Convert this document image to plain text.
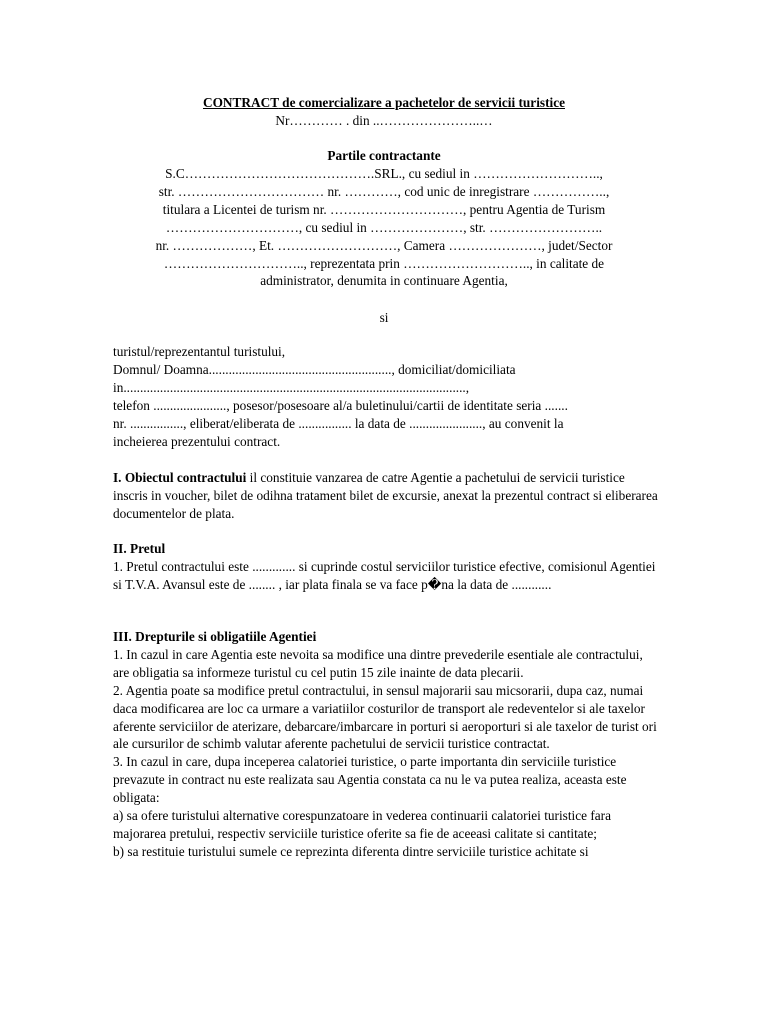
CONTRACT de comercializare a pachetelor de servicii turistice
Nr………… . din ..…………………..…
Partile contractante
S.C…………………………………….SRL., cu sediul in ………………………..,
str. …………………………… nr. …………, cod unic de inregistrare ……………..,
titulara a Licentei de turism nr. …………………………, pentru Agentia de Turism
…………………………, cu sediul in …………………, str. ……………………..
nr. ………………, Et. ………………………, Camera …………………, judet/Sector
………………………….., reprezentata prin ……………………….., in calitate de
administrator, denumita in continuare Agentia,
si
turistul/reprezentantul turistului,
Domnul/ Doamna......................................................., domiciliat/domiciliata
in.......................................................................................................,
telefon ......................, posesor/posesoare al/a buletinului/cartii de identitate seria .......
nr. ................, eliberat/eliberata de ................ la data de ......................, au convenit la
incheierea prezentului contract.
I. Obiectul contractului il constituie vanzarea de catre Agentie a pachetului de servicii turistice inscris in voucher, bilet de odihna tratament bilet de excursie, anexat la prezentul contract si eliberarea documentelor de plata.
II. Pretul
1. Pretul contractului este ............. si cuprinde costul serviciilor turistice efective, comisionul Agentiei si T.V.A. Avansul este de ........ , iar plata finala se va face p�na la data de ............
III. Drepturile si obligatiile Agentiei
1. In cazul in care Agentia este nevoita sa modifice una dintre prevederile esentiale ale contractului, are obligatia sa informeze turistul cu cel putin 15 zile inainte de data plecarii.
2. Agentia poate sa modifice pretul contractului, in sensul majorarii sau micsorarii, dupa caz, numai daca modificarea are loc ca urmare a variatiilor costurilor de transport ale redeventelor si ale taxelor aferente serviciilor de aterizare, debarcare/imbarcare in porturi si aeroporturi si ale taxelor de turist ori ale cursurilor de schimb valutar aferente pachetului de servicii turistice contractat.
3. In cazul in care, dupa inceperea calatoriei turistice, o parte importanta din serviciile turistice prevazute in contract nu este realizata sau Agentia constata ca nu le va putea realiza, aceasta este obligata:
a) sa ofere turistului alternative corespunzatoare in vederea continuarii calatoriei turistice fara majorarea pretului, respectiv serviciile turistice oferite sa fie de aceeasi calitate si cantitate;
b) sa restituie turistului sumele ce reprezinta diferenta dintre serviciile turistice achitate si
